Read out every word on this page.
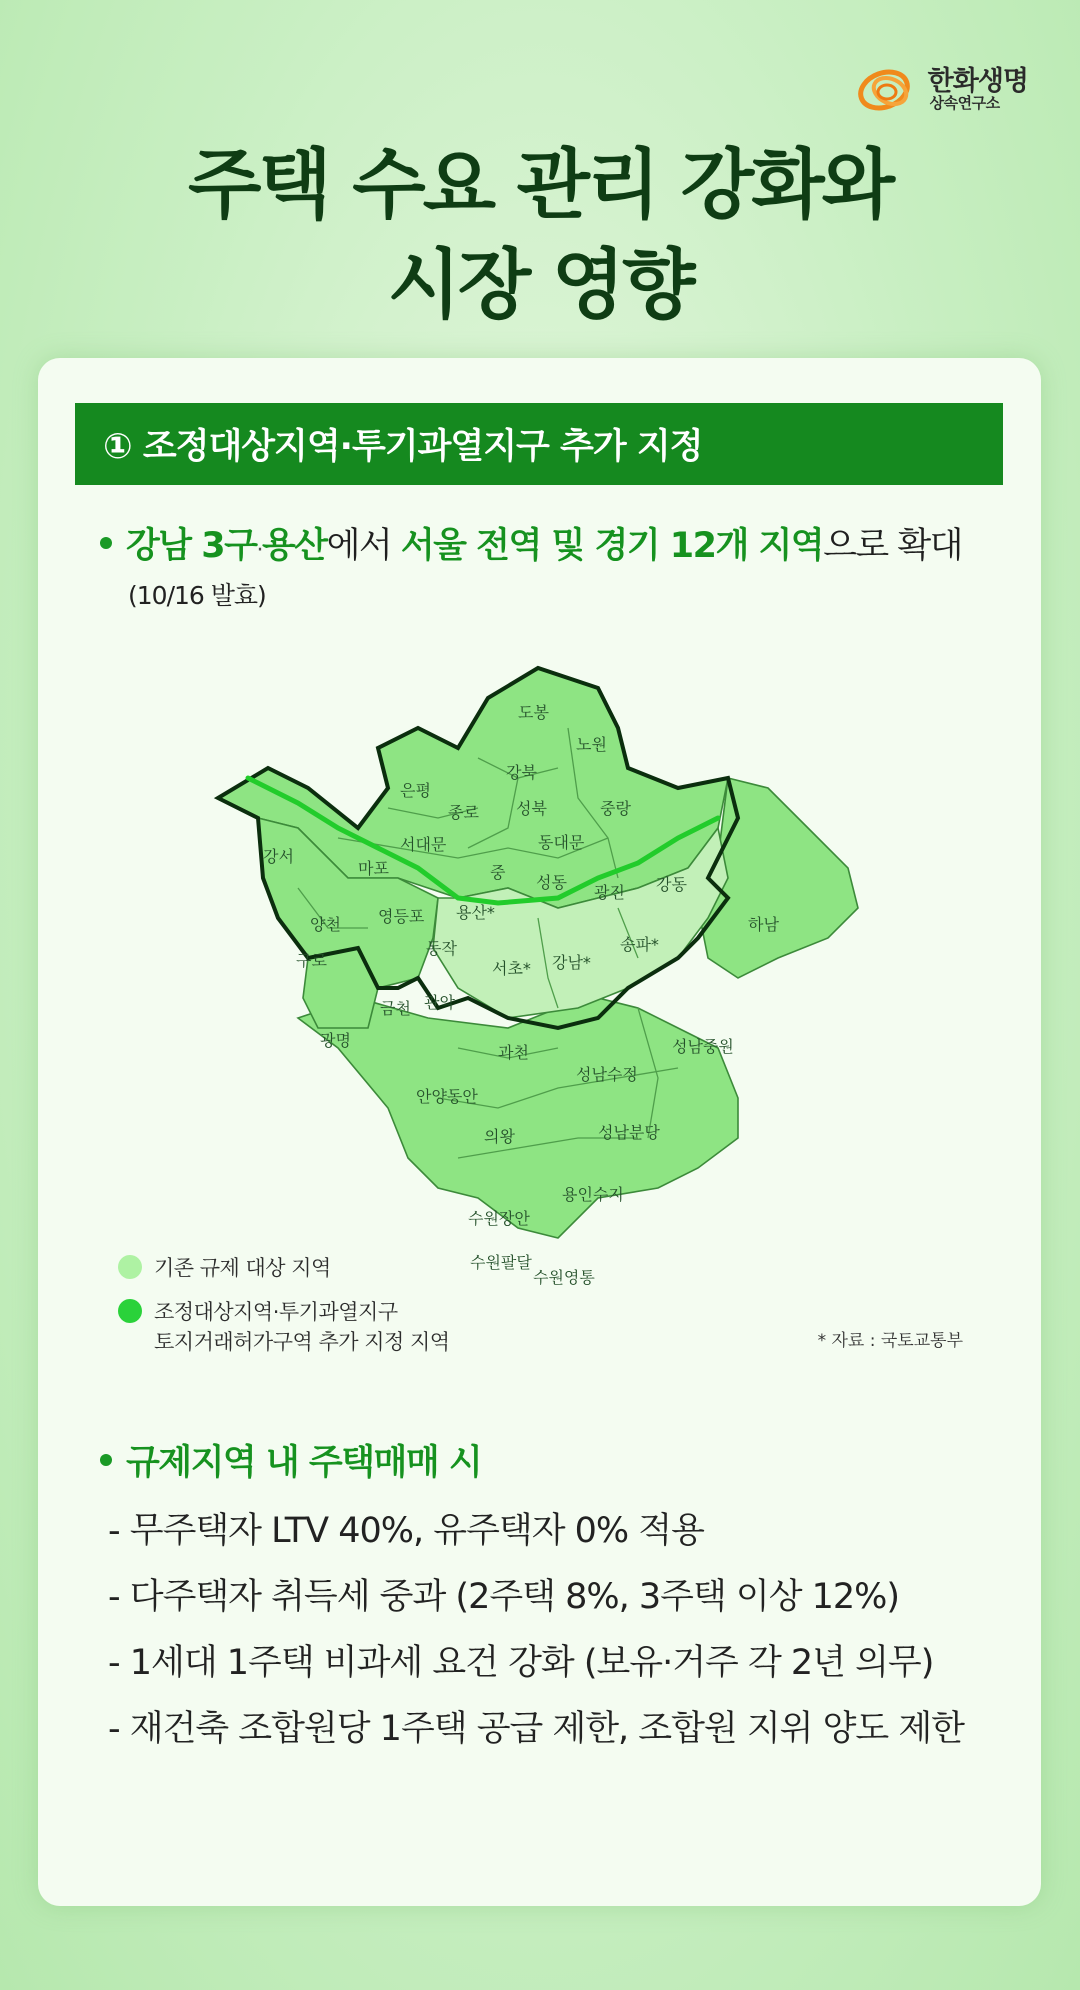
한화생명
상속연구소
주택 수요 관리 강화와
시장 영향
① 조정대상지역·투기과열지구 추가 지정
강남 3구·용산에서 서울 전역 및 경기 12개 지역으로 확대
(10/16 발효)
도봉
노원
강북
은평
종로 성북	중랑
서대문	동대문
강서
마포	중
성동
광진 강동
양천 영등포 용산*
송파*
하남
구로
동작
서초* 강남*
금천 관악
광명
과천	성남중원
성남수정
안양동안
의왕	성남분당
용인수지
수원장안
수원팔달
기존 규제 대상 지역
조정대상지역·투기과열지구
토지거래허가구역 추가 지정 지역	* 자료 : 국토교통부
규제지역 내 주택매매 시
- 무주택자 LTV 40%, 유주택자 0% 적용
- 다주택자 취득세 중과 (2주택 8%, 3주택 이상 12%)
- 1세대 1주택 비과세 요건 강화 (보유·거주 각 2년 의무)
- 재건축 조합원당 1주택 공급 제한, 조합원 지위 양도 제한
수원영통
